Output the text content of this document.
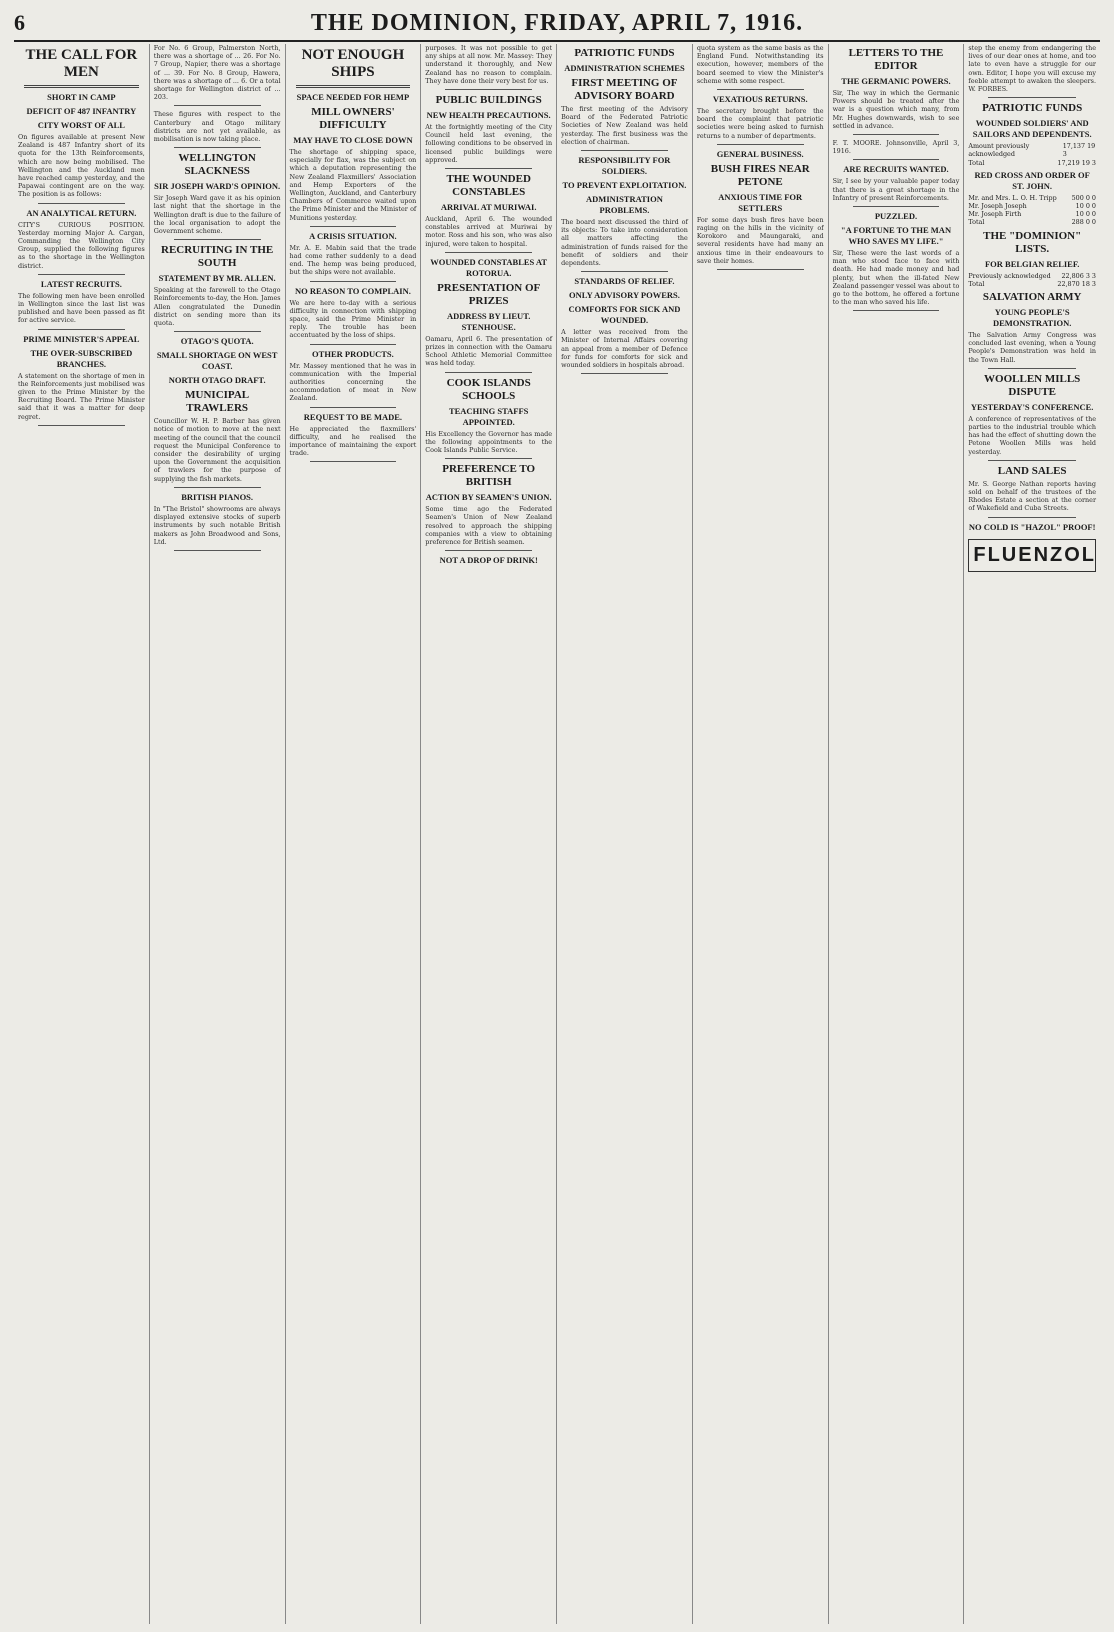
6	THE DOMINION, FRIDAY, APRIL 7, 1916.
THE CALL FOR MEN
SHORT IN CAMP
DEFICIT OF 487 INFANTRY
CITY WORST OF ALL

On figures available at present New Zealand is 487 Infantry short of its quota for the 13th Reinforcements, which are now being mobilised. The Wellington and the Auckland men have reached camp yesterday, and the Papawai contingent are on the way. The position is as follows:

AN ANALYTICAL RETURN.

CITY'S CURIOUS POSITION. Yesterday morning Major A. Cargan, Commanding the Wellington City Group, supplied the following figures as to the shortage in the Wellington district.

LATEST RECRUITS.

The following men have been enrolled in Wellington since the last list was published and have been passed as fit for active service.

PRIME MINISTER'S APPEAL
THE OVER-SUBSCRIBED BRANCHES.

A statement on the shortage of men in the Reinforcements just mobilised was given to the Prime Minister by the Recruiting Board. The Prime Minister said that it was a matter for deep regret.

For No. 6 Group, Palmerston North, there was a shortage of ... 26. For No. 7 Group, Napier, there was a shortage of ... 39. For No. 8 Group, Hawera, there was a shortage of ... 6. Or a total shortage for Wellington district of ... 203.

These figures with respect to the Canterbury and Otago military districts are not yet available, as mobilisation is now taking place.

WELLINGTON SLACKNESS
SIR JOSEPH WARD'S OPINION.

Sir Joseph Ward gave it as his opinion last night that the shortage in the Wellington draft is due to the failure of the local organisation to adopt the Government scheme.

RECRUITING IN THE SOUTH
STATEMENT BY MR. ALLEN.

Speaking at the farewell to the Otago Reinforcements to-day, the Hon. James Allen congratulated the Dunedin district on sending more than its quota.

OTAGO'S QUOTA.
SMALL SHORTAGE ON WEST COAST.
NORTH OTAGO DRAFT.
MUNICIPAL TRAWLERS

Councillor W. H. P. Barber has given notice of motion to move at the next meeting of the council that the council request the Municipal Conference to consider the desirability of urging upon the Government the acquisition of trawlers for the purpose of supplying the fish markets.

BRITISH PIANOS.

In "The Bristol" showrooms are always displayed extensive stocks of superb instruments by such notable British makers as John Broadwood and Sons, Ltd.

NOT ENOUGH SHIPS
SPACE NEEDED FOR HEMP
MILL OWNERS' DIFFICULTY
MAY HAVE TO CLOSE DOWN

The shortage of shipping space, especially for flax, was the subject on which a deputation representing the New Zealand Flaxmillers' Association and Hemp Exporters of the Wellington, Auckland, and Canterbury Chambers of Commerce waited upon the Prime Minister and the Minister of Munitions yesterday.

A CRISIS SITUATION.

Mr. A. E. Mabin said that the trade had come rather suddenly to a dead end. The hemp was being produced, but the ships were not available.

NO REASON TO COMPLAIN.

We are here to-day with a serious difficulty in connection with shipping space, said the Prime Minister in reply. The trouble has been accentuated by the loss of ships.

OTHER PRODUCTS.

Mr. Massey mentioned that he was in communication with the Imperial authorities concerning the accommodation of meat in New Zealand.

REQUEST TO BE MADE.

He appreciated the flaxmillers' difficulty, and he realised the importance of maintaining the export trade.

purposes. It was not possible to get any ships at all now. Mr. Massey: They understand it thoroughly, and New Zealand has no reason to complain. They have done their very best for us.

PUBLIC BUILDINGS
NEW HEALTH PRECAUTIONS.

At the fortnightly meeting of the City Council held last evening, the following conditions to be observed in licensed public buildings were approved.

THE WOUNDED CONSTABLES
ARRIVAL AT MURIWAI.

Auckland, April 6. The wounded constables arrived at Muriwai by motor. Ross and his son, who was also injured, were taken to hospital.

WOUNDED CONSTABLES AT ROTORUA.
PRESENTATION OF PRIZES
ADDRESS BY LIEUT. STENHOUSE.

Oamaru, April 6. The presentation of prizes in connection with the Oamaru School Athletic Memorial Committee was held today.

COOK ISLANDS SCHOOLS
TEACHING STAFFS APPOINTED.

His Excellency the Governor has made the following appointments to the Cook Islands Public Service.

PREFERENCE TO BRITISH
ACTION BY SEAMEN'S UNION.

Some time ago the Federated Seamen's Union of New Zealand resolved to approach the shipping companies with a view to obtaining preference for British seamen.

NOT A DROP OF DRINK!
PATRIOTIC FUNDS
ADMINISTRATION SCHEMES
FIRST MEETING OF ADVISORY BOARD

The first meeting of the Advisory Board of the Federated Patriotic Societies of New Zealand was held yesterday. The first business was the election of chairman.

RESPONSIBILITY FOR SOLDIERS.
TO PREVENT EXPLOITATION.
ADMINISTRATION PROBLEMS.

The board next discussed the third of its objects: To take into consideration all matters affecting the administration of funds raised for the benefit of soldiers and their dependents.

STANDARDS OF RELIEF.
ONLY ADVISORY POWERS.
COMFORTS FOR SICK AND WOUNDED.

A letter was received from the Minister of Internal Affairs covering an appeal from a member of Defence for funds for comforts for sick and wounded soldiers in hospitals abroad.

quota system as the same basis as the England Fund. Notwithstanding its execution, however, members of the board seemed to view the Minister's scheme with some respect.

VEXATIOUS RETURNS.

The secretary brought before the board the complaint that patriotic societies were being asked to furnish returns to a number of departments.

GENERAL BUSINESS.
BUSH FIRES NEAR PETONE
ANXIOUS TIME FOR SETTLERS

For some days bush fires have been raging on the hills in the vicinity of Korokoro and Maungaraki, and several residents have had many an anxious time in their endeavours to save their homes.

LETTERS TO THE EDITOR
THE GERMANIC POWERS.

Sir, The way in which the Germanic Powers should be treated after the war is a question which many, from Mr. Hughes downwards, wish to see settled in advance.

F. T. MOORE. Johnsonville, April 3, 1916.

ARE RECRUITS WANTED.

Sir, I see by your valuable paper today that there is a great shortage in the Infantry of present Reinforcements.

PUZZLED.
"A FORTUNE TO THE MAN WHO SAVES MY LIFE."

Sir, These were the last words of a man who stood face to face with death. He had made money and had plenty, but when the ill-fated New Zealand passenger vessel was about to go to the bottom, he offered a fortune to the man who saved his life.

step the enemy from endangering the lives of our dear ones at home, and too late to even have a struggle for our own. Editor, I hope you will excuse my feeble attempt to awaken the sleepers. W. FORBES.

PATRIOTIC FUNDS
WOUNDED SOLDIERS' AND SAILORS AND DEPENDENTS.
Amount previously acknowledged
17,137 19 3
Total	17,219 19 3
RED CROSS AND ORDER OF ST. JOHN.
Mr. and Mrs. L. O. H. Tripp 500 0 0
Mr. Joseph Joseph	10 0 0
Mr. Joseph Firth	10 0 0
Total	288 0 0
THE "DOMINION" LISTS.
FOR BELGIAN RELIEF.
Previously acknowledged 22,806 3 3
Total	22,870 18 3
SALVATION ARMY
YOUNG PEOPLE'S DEMONSTRATION.

The Salvation Army Congress was concluded last evening, when a Young People's Demonstration was held in the Town Hall.

WOOLLEN MILLS DISPUTE
YESTERDAY'S CONFERENCE.

A conference of representatives of the parties to the industrial trouble which has had the effect of shutting down the Petone Woollen Mills was held yesterday.

LAND SALES

Mr. S. George Nathan reports having sold on behalf of the trustees of the Rhodes Estate a section at the corner of Wakefield and Cuba Streets.

NO COLD IS "HAZOL" PROOF!
FLUENZOL
